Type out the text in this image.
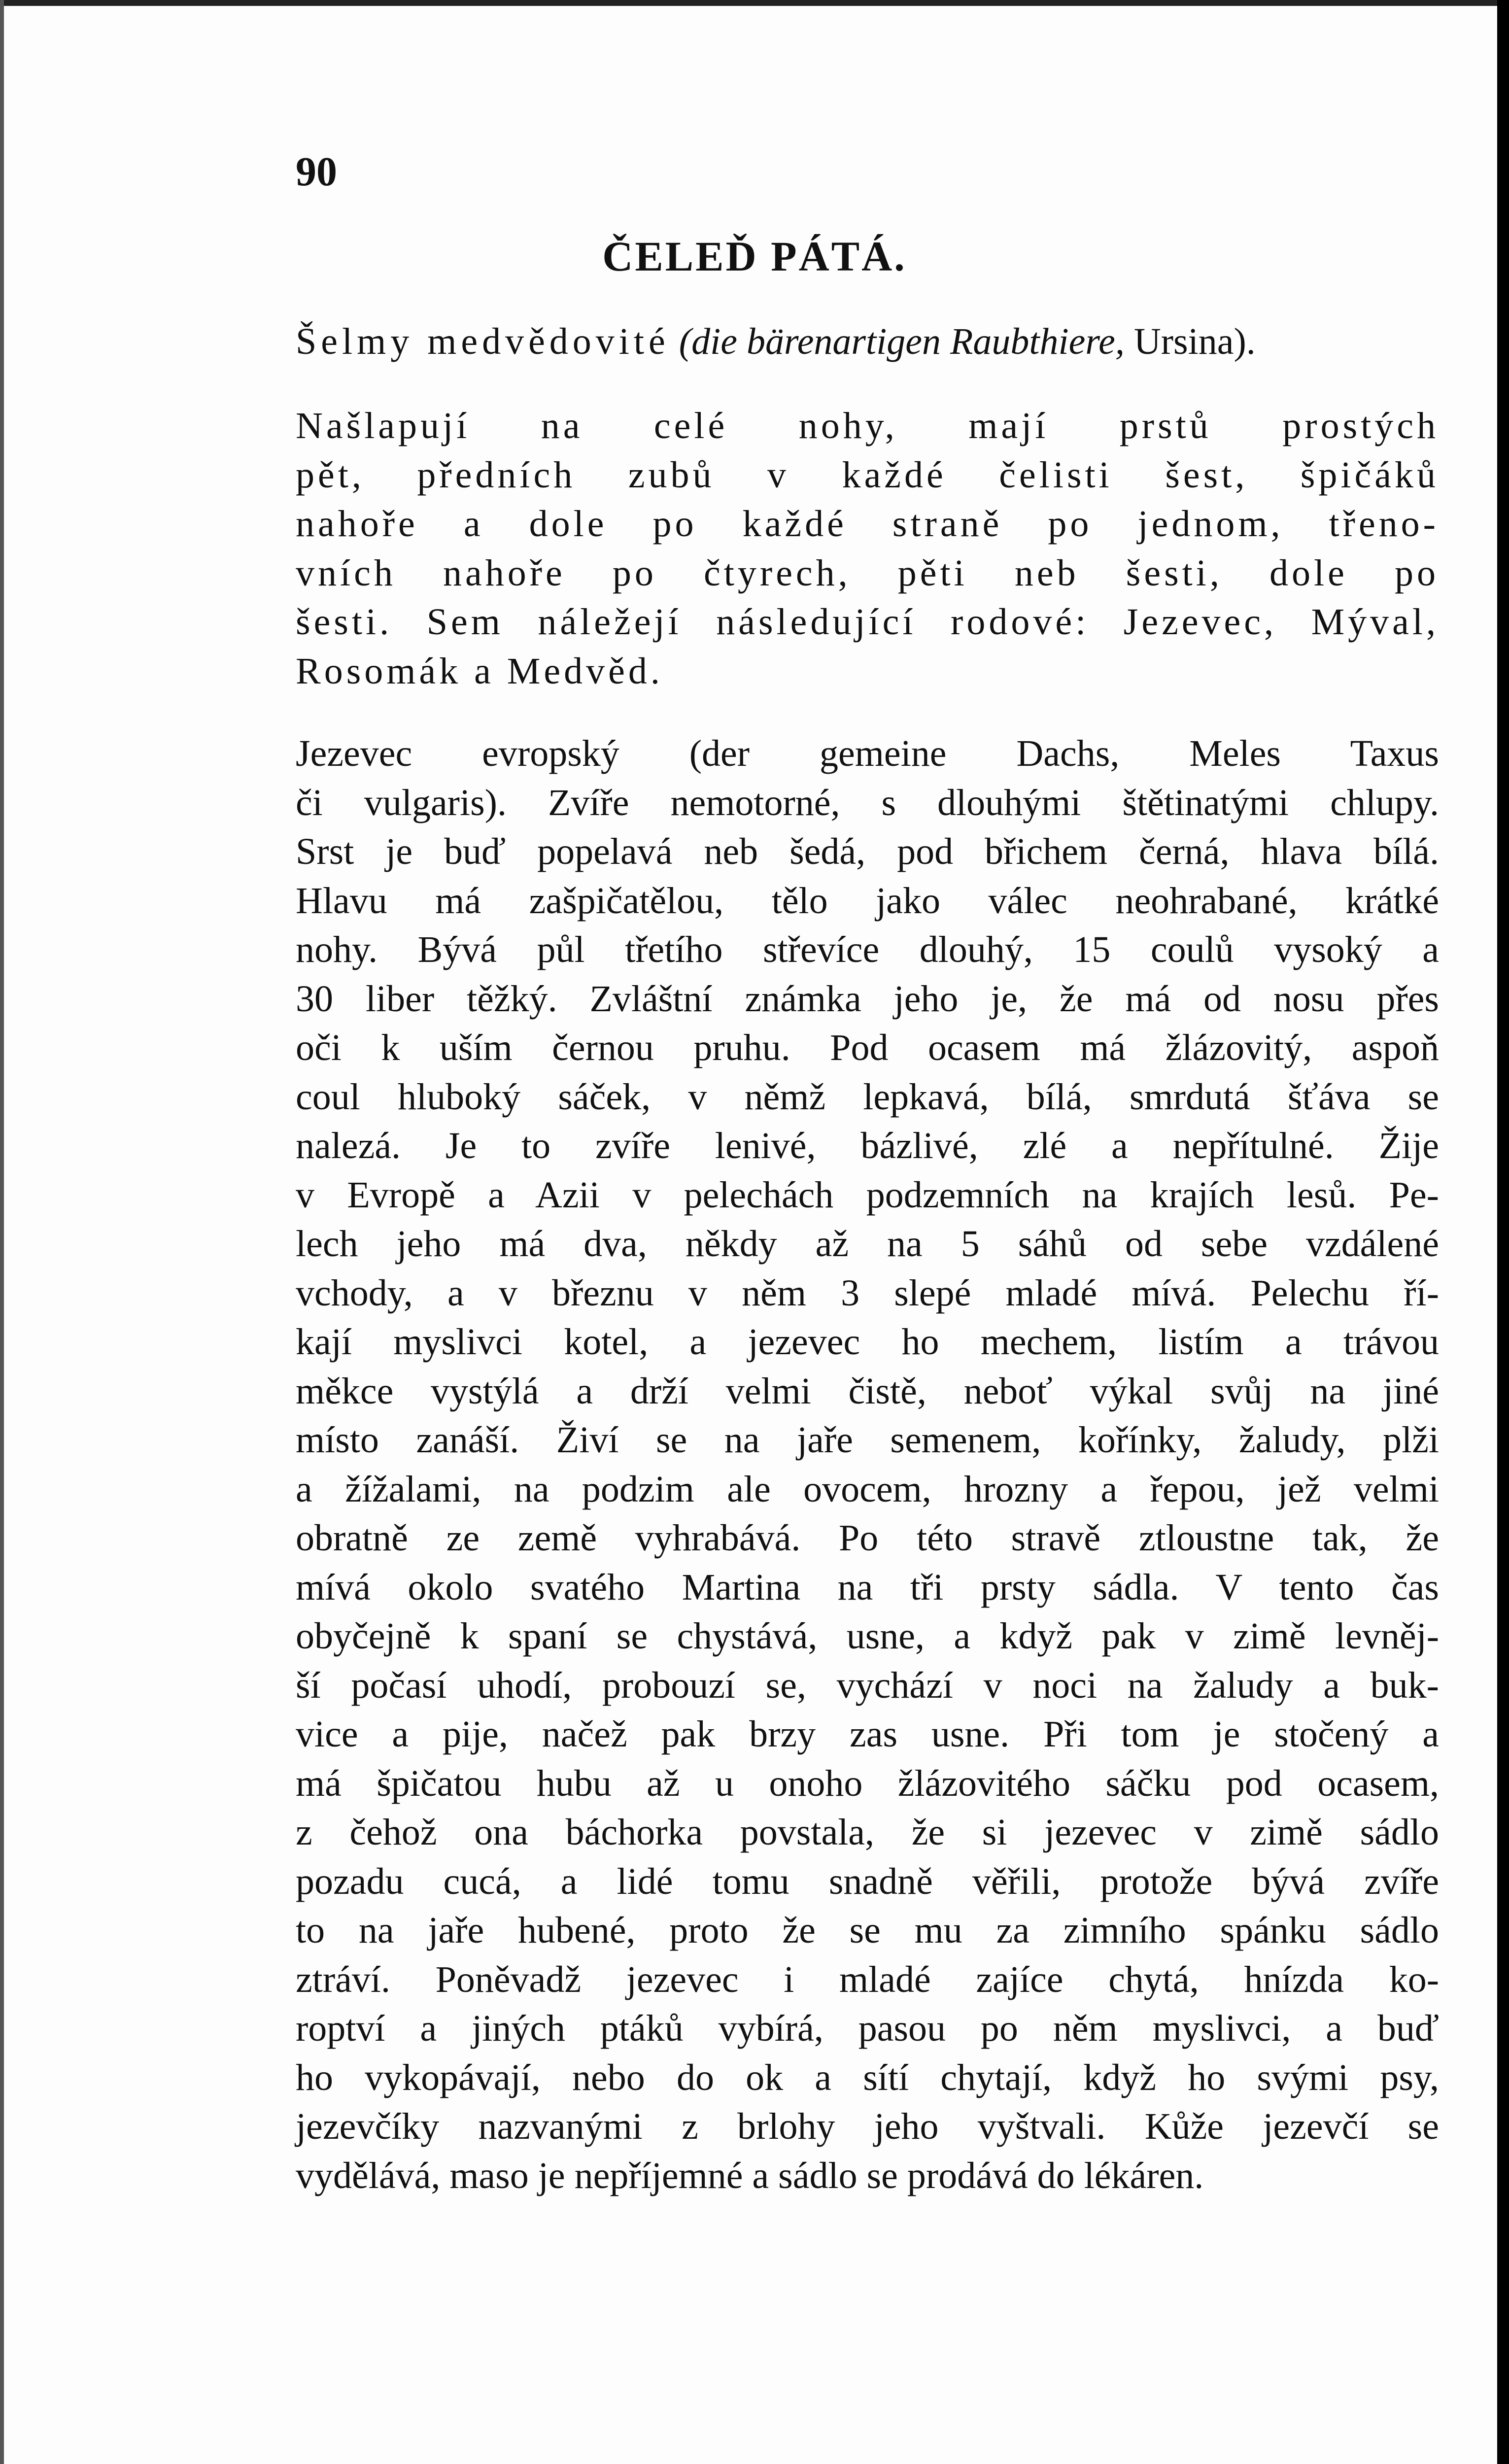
90
ČELEĎ PÁTÁ.
Šelmy medvědovité (die bärenartigen Raubthiere, Ursina).
Našlapují na celé nohy, mají prstů prostých
pět, předních zubů v každé čelisti šest, špičáků
nahoře a dole po každé straně po jednom, třeno-
vních nahoře po čtyrech, pěti neb šesti, dole po
šesti. Sem náležejí následující rodové: Jezevec, Mýval,
Rosomák a Medvěd.
Jezevec evropský (der gemeine Dachs, Meles Taxus
či vulgaris). Zvíře nemotorné, s dlouhými štětinatými chlupy.
Srst je buď popelavá neb šedá, pod břichem černá, hlava bílá.
Hlavu má zašpičatělou, tělo jako válec neohrabané, krátké
nohy. Bývá půl třetího střevíce dlouhý, 15 coulů vysoký a
30 liber těžký. Zvláštní známka jeho je, že má od nosu přes
oči k uším černou pruhu. Pod ocasem má žlázovitý, aspoň
coul hluboký sáček, v němž lepkavá, bílá, smrdutá šťáva se
nalezá. Je to zvíře lenivé, bázlivé, zlé a nepřítulné. Žije
v Evropě a Azii v pelechách podzemních na krajích lesů. Pe-
lech jeho má dva, někdy až na 5 sáhů od sebe vzdálené
vchody, a v březnu v něm 3 slepé mladé mívá. Pelechu ří-
kají myslivci kotel, a jezevec ho mechem, listím a trávou
měkce vystýlá a drží velmi čistě, neboť výkal svůj na jiné
místo zanáší. Živí se na jaře semenem, kořínky, žaludy, plži
a žížalami, na podzim ale ovocem, hrozny a řepou, jež velmi
obratně ze země vyhrabává. Po této stravě ztloustne tak, že
mívá okolo svatého Martina na tři prsty sádla. V tento čas
obyčejně k spaní se chystává, usne, a když pak v zimě levněj-
ší počasí uhodí, probouzí se, vychází v noci na žaludy a buk-
vice a pije, načež pak brzy zas usne. Při tom je stočený a
má špičatou hubu až u onoho žlázovitého sáčku pod ocasem,
z čehož ona báchorka povstala, že si jezevec v zimě sádlo
pozadu cucá, a lidé tomu snadně věřili, protože bývá zvíře
to na jaře hubené, proto že se mu za zimního spánku sádlo
ztráví. Poněvadž jezevec i mladé zajíce chytá, hnízda ko-
roptví a jiných ptáků vybírá, pasou po něm myslivci, a buď
ho vykopávají, nebo do ok a sítí chytají, když ho svými psy,
jezevčíky nazvanými z brlohy jeho vyštvali. Kůže jezevčí se
vydělává, maso je nepříjemné a sádlo se prodává do lékáren.
